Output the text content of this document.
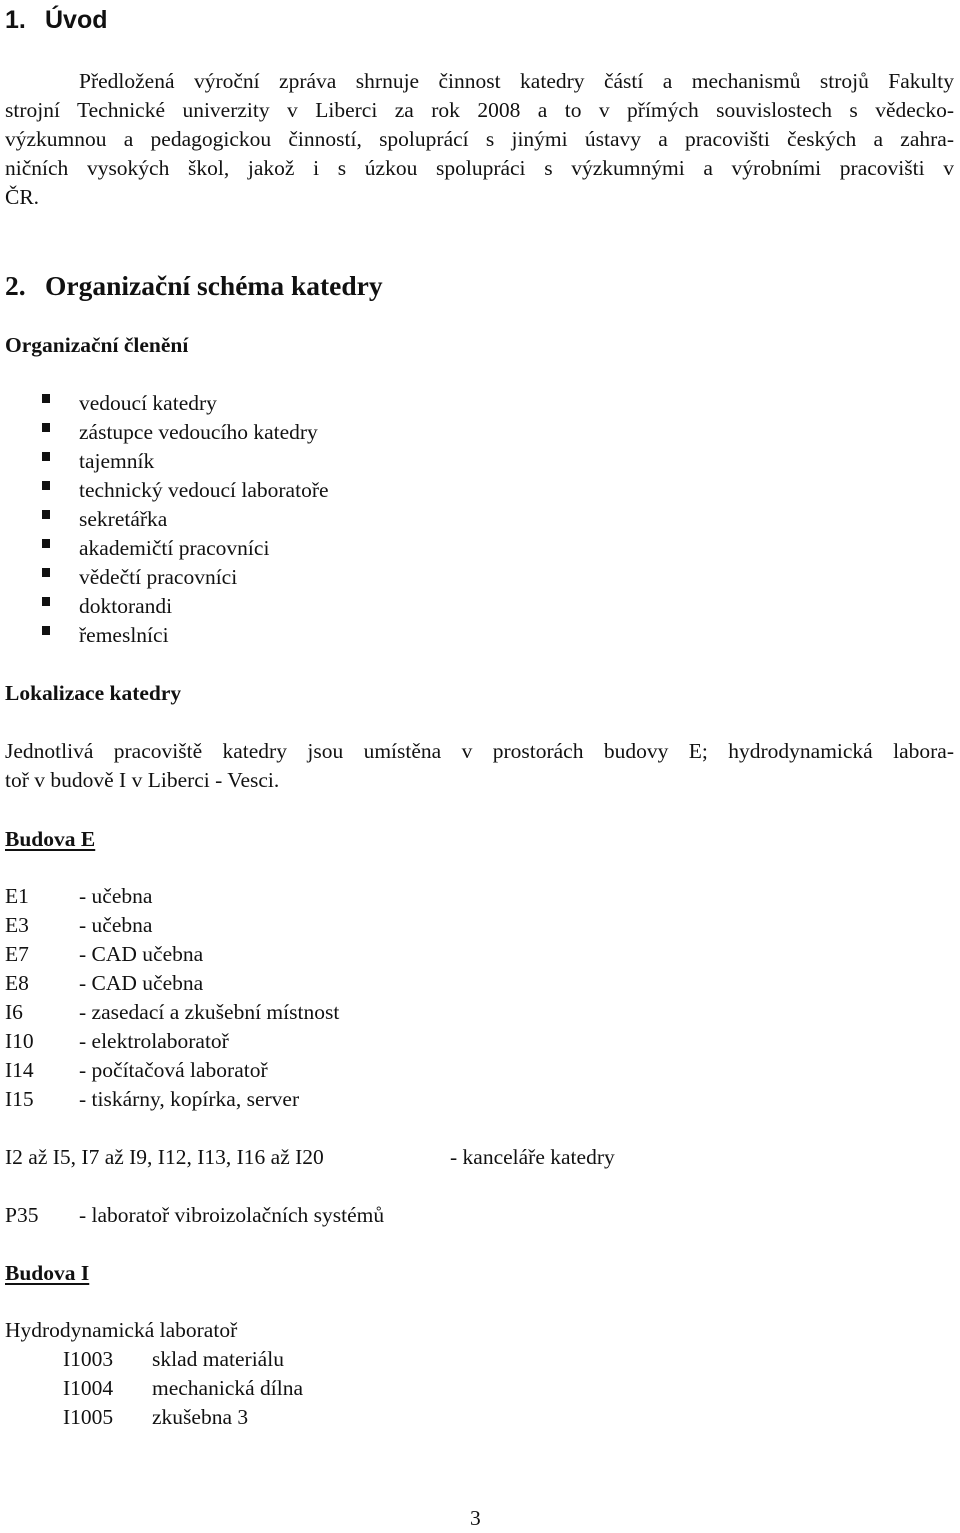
1. Úvod
Předložená výroční zpráva shrnuje činnost katedry částí a mechanismů strojů Fakulty
strojní Technické univerzity v Liberci za rok 2008 a to v přímých souvislostech s vědecko-
výzkumnou a pedagogickou činností, spoluprácí s jinými ústavy a pracovišti českých a zahra-
ničních vysokých škol, jakož i s úzkou spolupráci s výzkumnými a výrobními pracovišti v
ČR.
2. Organizační schéma katedry
Organizační členění
vedoucí katedry
zástupce vedoucího katedry
tajemník
technický vedoucí laboratoře
sekretářka
akademičtí pracovníci
vědečtí pracovníci
doktorandi
řemeslníci
Lokalizace katedry
Jednotlivá pracoviště katedry jsou umístěna v prostorách budovy E; hydrodynamická labora-
toř v budově I v Liberci - Vesci.
Budova E
E1 - učebna
E3 - učebna
E7 - CAD učebna
E8 - CAD učebna
I6	- zasedací a zkušební místnost
I10 - elektrolaboratoř
I14 - počítačová laboratoř
I15 - tiskárny, kopírka, server
I2 až I5, I7 až I9, I12, I13, I16 až I20	- kanceláře katedry
P35 - laboratoř vibroizolačních systémů
Budova I
Hydrodynamická laboratoř
I1003 sklad materiálu
I1004 mechanická dílna
I1005 zkušebna 3
3
